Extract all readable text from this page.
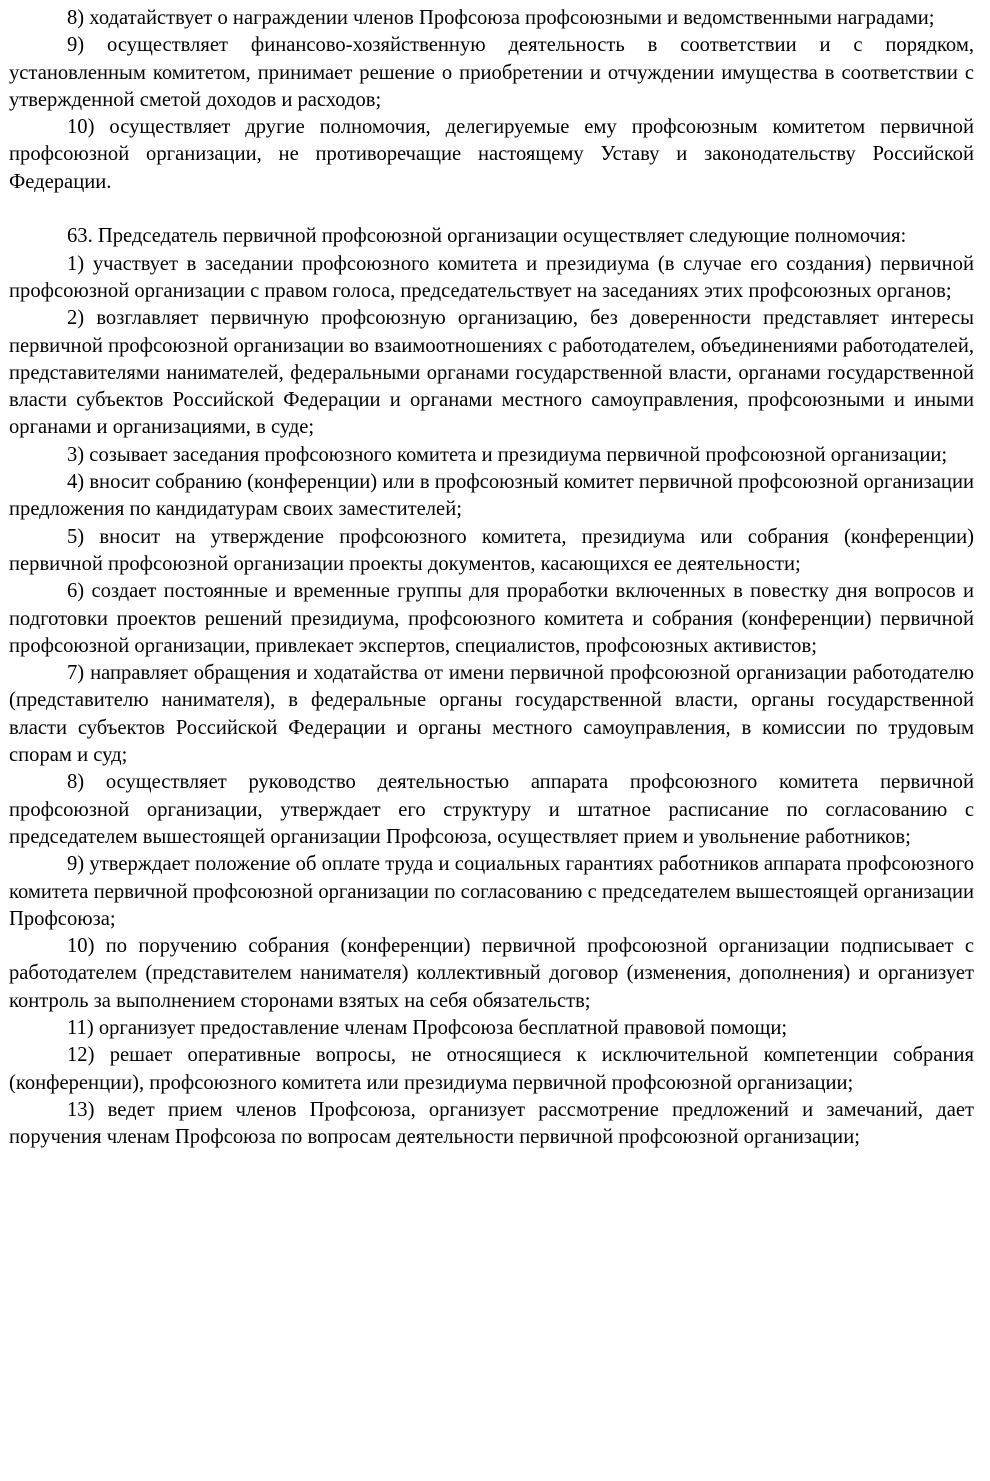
8) ходатайствует о награждении членов Профсоюза профсоюзными и ведомственными наградами;

9) осуществляет финансово-хозяйственную деятельность в соответствии и с порядком, установленным комитетом, принимает решение о приобретении и отчуждении имущества в соответствии с утвержденной сметой доходов и расходов;

10) осуществляет другие полномочия, делегируемые ему профсоюзным комитетом первичной профсоюзной организации, не противоречащие настоящему Уставу и законодательству Российской Федерации.

63. Председатель первичной профсоюзной организации осуществляет следующие полномочия:

1) участвует в заседании профсоюзного комитета и президиума (в случае его создания) первичной профсоюзной организации с правом голоса, председательствует на заседаниях этих профсоюзных органов;

2) возглавляет первичную профсоюзную организацию, без доверенности представляет интересы первичной профсоюзной организации во взаимоотношениях с работодателем, объединениями работодателей, представителями нанимателей, федеральными органами государственной власти, органами государственной власти субъектов Российской Федерации и органами местного самоуправления, профсоюзными и иными органами и организациями, в суде;

3) созывает заседания профсоюзного комитета и президиума первичной профсоюзной организации;

4) вносит собранию (конференции) или в профсоюзный комитет первичной профсоюзной организации предложения по кандидатурам своих заместителей;

5) вносит на утверждение профсоюзного комитета, президиума или собрания (конференции) первичной профсоюзной организации проекты документов, касающихся ее деятельности;

6) создает постоянные и временные группы для проработки включенных в повестку дня вопросов и подготовки проектов решений президиума, профсоюзного комитета и собрания (конференции) первичной профсоюзной организации, привлекает экспертов, специалистов, профсоюзных активистов;

7) направляет обращения и ходатайства от имени первичной профсоюзной организации работодателю (представителю нанимателя), в федеральные органы государственной власти, органы государственной власти субъектов Российской Федерации и органы местного самоуправления, в комиссии по трудовым спорам и суд;

8) осуществляет руководство деятельностью аппарата профсоюзного комитета первичной профсоюзной организации, утверждает его структуру и штатное расписание по согласованию с председателем вышестоящей организации Профсоюза, осуществляет прием и увольнение работников;

9) утверждает положение об оплате труда и социальных гарантиях работников аппарата профсоюзного комитета первичной профсоюзной организации по согласованию с председателем вышестоящей организации Профсоюза;

10) по поручению собрания (конференции) первичной профсоюзной организации подписывает с работодателем (представителем нанимателя) коллективный договор (изменения, дополнения) и организует контроль за выполнением сторонами взятых на себя обязательств;

11) организует предоставление членам Профсоюза бесплатной правовой помощи;

12) решает оперативные вопросы, не относящиеся к исключительной компетенции собрания (конференции), профсоюзного комитета или президиума первичной профсоюзной организации;

13) ведет прием членов Профсоюза, организует рассмотрение предложений и замечаний, дает поручения членам Профсоюза по вопросам деятельности первичной профсоюзной организации;
